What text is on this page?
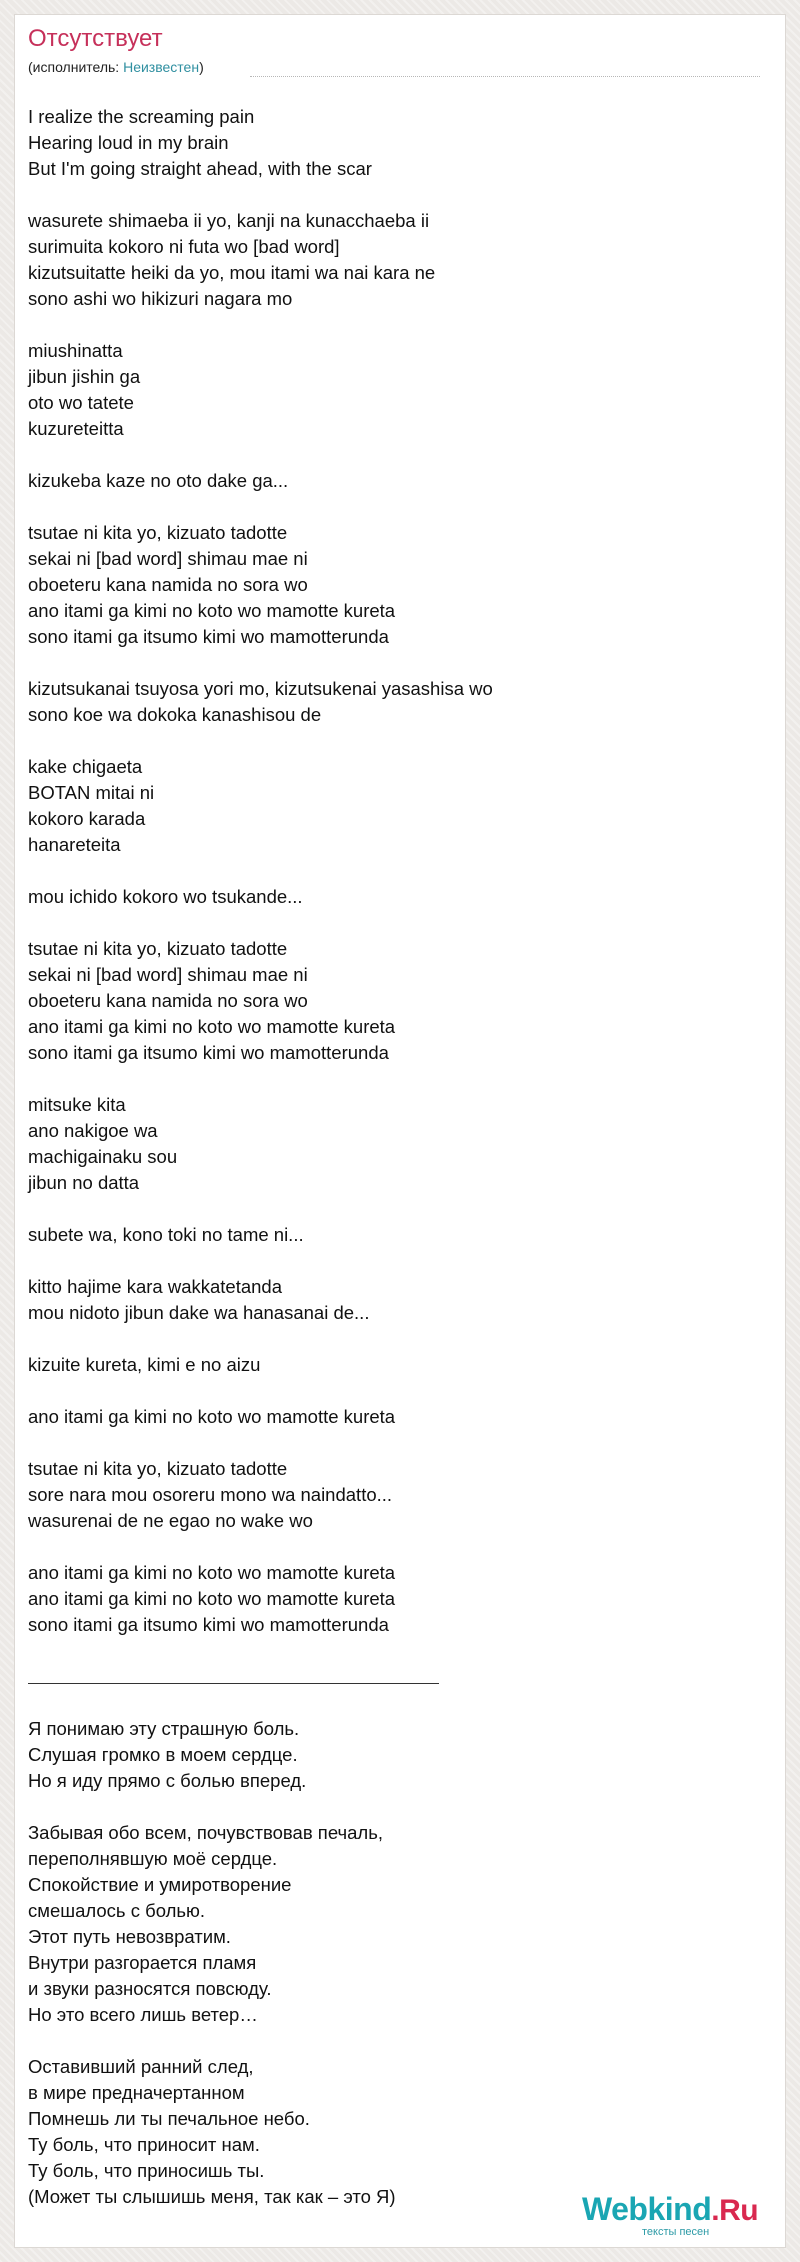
Отсутствует
(исполнитель: Неизвестен)
I realize the screaming pain
Hearing loud in my brain
But I'm going straight ahead, with the scar
wasurete shimaeba ii yo, kanji na kunacchaeba ii
surimuita kokoro ni futa wo [bad word]
kizutsuitatte heiki da yo, mou itami wa nai kara ne
sono ashi wo hikizuri nagara mo
miushinatta
jibun jishin ga
oto wo tatete
kuzureteitta
kizukeba kaze no oto dake ga...
tsutae ni kita yo, kizuato tadotte
sekai ni [bad word] shimau mae ni
oboeteru kana namida no sora wo
ano itami ga kimi no koto wo mamotte kureta
sono itami ga itsumo kimi wo mamotterunda
kizutsukanai tsuyosa yori mo, kizutsukenai yasashisa wo
sono koe wa dokoka kanashisou de
kake chigaeta
BOTAN mitai ni
kokoro karada
hanareteita
mou ichido kokoro wo tsukande...
tsutae ni kita yo, kizuato tadotte
sekai ni [bad word] shimau mae ni
oboeteru kana namida no sora wo
ano itami ga kimi no koto wo mamotte kureta
sono itami ga itsumo kimi wo mamotterunda
mitsuke kita
ano nakigoe wa
machigainaku sou
jibun no datta
subete wa, kono toki no tame ni...
kitto hajime kara wakkatetanda
mou nidoto jibun dake wa hanasanai de...
kizuite kureta, kimi e no aizu
ano itami ga kimi no koto wo mamotte kureta
tsutae ni kita yo, kizuato tadotte
sore nara mou osoreru mono wa naindatto...
wasurenai de ne egao no wake wo
ano itami ga kimi no koto wo mamotte kureta
ano itami ga kimi no koto wo mamotte kureta
sono itami ga itsumo kimi wo mamotterunda
Я понимаю эту страшную боль.
Слушая громко в моем сердце.
Но я иду прямо с болью вперед.
Забывая обо всем, почувствовав печаль,
переполнявшую моё сердце.
Спокойствие и умиротворение
смешалось с болью.
Этот путь невозвратим.
Внутри разгорается пламя
и звуки разносятся повсюду.
Но это всего лишь ветер…
Оставивший ранний след,
в мире предначертанном
Помнешь ли ты печальное небо.
Ту боль, что приносит нам.
Ту боль, что приносишь ты.
(Может ты слышишь меня, так как – это Я)	Webkind.Ru
тексты песен
